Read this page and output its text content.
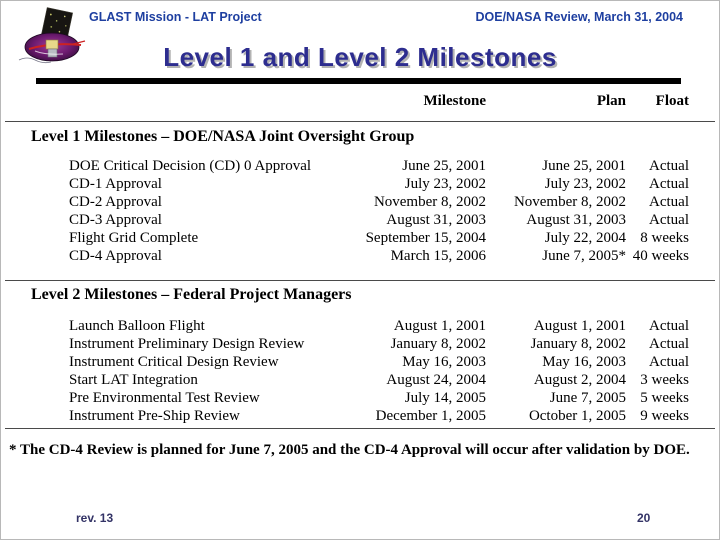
GLAST Mission - LAT Project	DOE/NASA Review, March 31, 2004
Level 1 and Level 2 Milestones
Milestone	Plan	Float
Level 1 Milestones – DOE/NASA Joint Oversight Group
DOE Critical Decision (CD) 0 Approval	June 25, 2001	June 25, 2001	Actual
CD-1 Approval	July 23, 2002	July 23, 2002	Actual
CD-2 Approval	November 8, 2002	November 8, 2002	Actual
CD-3 Approval	August 31, 2003	August 31, 2003	Actual
Flight Grid Complete	September 15, 2004	July 22, 2004 8 weeks
CD-4 Approval	March 15, 2006	June 7, 2005* 40 weeks
Level 2 Milestones – Federal Project Managers
Launch Balloon Flight	August 1, 2001	August 1, 2001	Actual
Instrument Preliminary Design Review	January 8, 2002	January 8, 2002	Actual
Instrument Critical Design Review	May 16, 2003	May 16, 2003	Actual
Start LAT Integration	August 24, 2004	August 2, 2004 3 weeks
Pre Environmental Test Review	July 14, 2005	June 7, 2005 5 weeks
Instrument Pre-Ship Review	December 1, 2005	October 1, 2005 9 weeks
* The CD-4 Review is planned for June 7, 2005 and the CD-4 Approval will occur after validation by DOE.
rev. 13	20
